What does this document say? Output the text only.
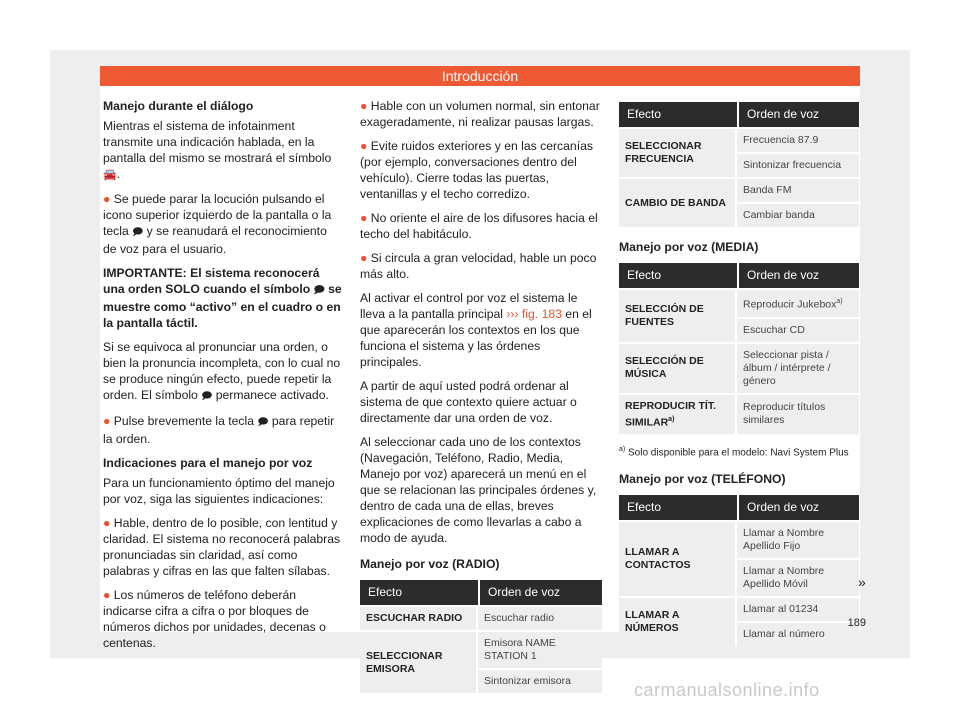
Introducción

Manejo durante el diálogo

Mientras el sistema de infotainment transmite una indicación hablada, en la pantalla del mismo se mostrará el símbolo 🚘.

● Se puede parar la locución pulsando el icono superior izquierdo de la pantalla o la tecla 🗩 y se reanudará el reconocimiento de voz para el usuario.

IMPORTANTE: El sistema reconocerá una orden SOLO cuando el símbolo 🗩 se muestre como “activo” en el cuadro o en la pantalla táctil.

Si se equivoca al pronunciar una orden, o bien la pronuncia incompleta, con lo cual no se produce ningún efecto, puede repetir la orden. El símbolo 🗩 permanece activado.

● Pulse brevemente la tecla 🗩 para repetir la orden.

Indicaciones para el manejo por voz

Para un funcionamiento óptimo del manejo por voz, siga las siguientes indicaciones:

● Hable, dentro de lo posible, con lentitud y claridad. El sistema no reconocerá palabras pronunciadas sin claridad, así como palabras y cifras en las que falten sílabas.

● Los números de teléfono deberán indicarse cifra a cifra o por bloques de números dichos por unidades, decenas o centenas.

● Hable con un volumen normal, sin entonar exageradamente, ni realizar pausas largas.

● Evite ruidos exteriores y en las cercanías (por ejemplo, conversaciones dentro del vehículo). Cierre todas las puertas, ventanillas y el techo corredizo.

● No oriente el aire de los difusores hacia el techo del habitáculo.

● Si circula a gran velocidad, hable un poco más alto.

Al activar el control por voz el sistema le lleva a la pantalla principal ››› fig. 183 en el que aparecerán los contextos en los que funciona el sistema y las órdenes principales.

A partir de aquí usted podrá ordenar al sistema de que contexto quiere actuar o directamente dar una orden de voz.

Al seleccionar cada uno de los contextos (Navegación, Teléfono, Radio, Media, Manejo por voz) aparecerá un menú en el que se relacionan las principales órdenes y, dentro de cada una de ellas, breves explicaciones de como llevarlas a cabo a modo de ayuda.

Manejo por voz (RADIO)

Efecto	Orden de voz
ESCUCHAR RADIO	Escuchar radio
SELECCIONAR EMISORA	Emisora NAME STATION 1
	Sintonizar emisora
Efecto	Orden de voz
SELECCIONAR FRECUENCIA	Frecuencia 87.9
	Sintonizar frecuencia
CAMBIO DE BANDA	Banda FM
	Cambiar banda

Manejo por voz (MEDIA)

Efecto	Orden de voz
SELECCIÓN DE FUENTES	Reproducir Jukebox$^{a)}$
	Escuchar CD
SELECCIÓN DE MÚSICA	Seleccionar pista / álbum / intérprete / género
REPRODUCIR TÍT. SIMILAR$^{a)}$	Reproducir títulos similares

$^{a)}$ Solo disponible para el modelo: Navi System Plus

Manejo por voz (TELÉFONO)

Efecto	Orden de voz
LLAMAR A CONTACTOS	Llamar a Nombre Apellido Fijo
	Llamar a Nombre Apellido Móvil
LLAMAR A NÚMEROS	Llamar al 01234
	Llamar al número
»
189
carmanualsonline.info
